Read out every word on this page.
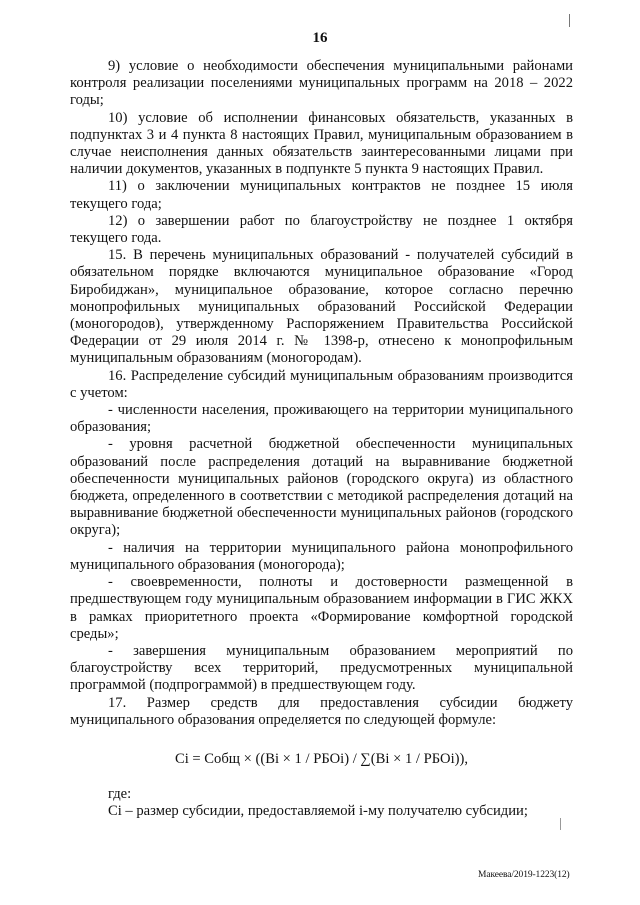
16

9) условие о необходимости обеспечения муниципальными районами контроля реализации поселениями муниципальных программ на 2018 – 2022 годы;

10) условие об исполнении финансовых обязательств, указанных в подпунктах 3 и 4 пункта 8 настоящих Правил, муниципальным образованием в случае неисполнения данных обязательств заинтересованными лицами при наличии документов, указанных в подпункте 5 пункта 9 настоящих Правил.

11) о заключении муниципальных контрактов не позднее 15 июля текущего года;

12) о завершении работ по благоустройству не позднее 1 октября текущего года.

15. В перечень муниципальных образований - получателей субсидий в обязательном порядке включаются муниципальное образование «Город Биробиджан», муниципальное образование, которое согласно перечню монопрофильных муниципальных образований Российской Федерации (моногородов), утвержденному Распоряжением Правительства Российской Федерации от 29 июля 2014 г. № 1398-р, отнесено к монопрофильным муниципальным образованиям (моногородам).

16. Распределение субсидий муниципальным образованиям производится с учетом:

- численности населения, проживающего на территории муниципального образования;

- уровня расчетной бюджетной обеспеченности муниципальных образований после распределения дотаций на выравнивание бюджетной обеспеченности муниципальных районов (городского округа) из областного бюджета, определенного в соответствии с методикой распределения дотаций на выравнивание бюджетной обеспеченности муниципальных районов (городского округа);

- наличия на территории муниципального района монопрофильного муниципального образования (моногорода);

- своевременности, полноты и достоверности размещенной в предшествующем году муниципальным образованием информации в ГИС ЖКХ в рамках приоритетного проекта «Формирование комфортной городской среды»;

- завершения муниципальным образованием мероприятий по благоустройству всех территорий, предусмотренных муниципальной программой (подпрограммой) в предшествующем году.

17. Размер средств для предоставления субсидии бюджету муниципального образования определяется по следующей формуле:

Ci = Cобщ × ((Bi × 1 / РБОi) / ∑(Bi × 1 / РБОi)),

где:

Ci – размер субсидии, предоставляемой i-му получателю субсидии;

Макеева/2019-1223(12)
